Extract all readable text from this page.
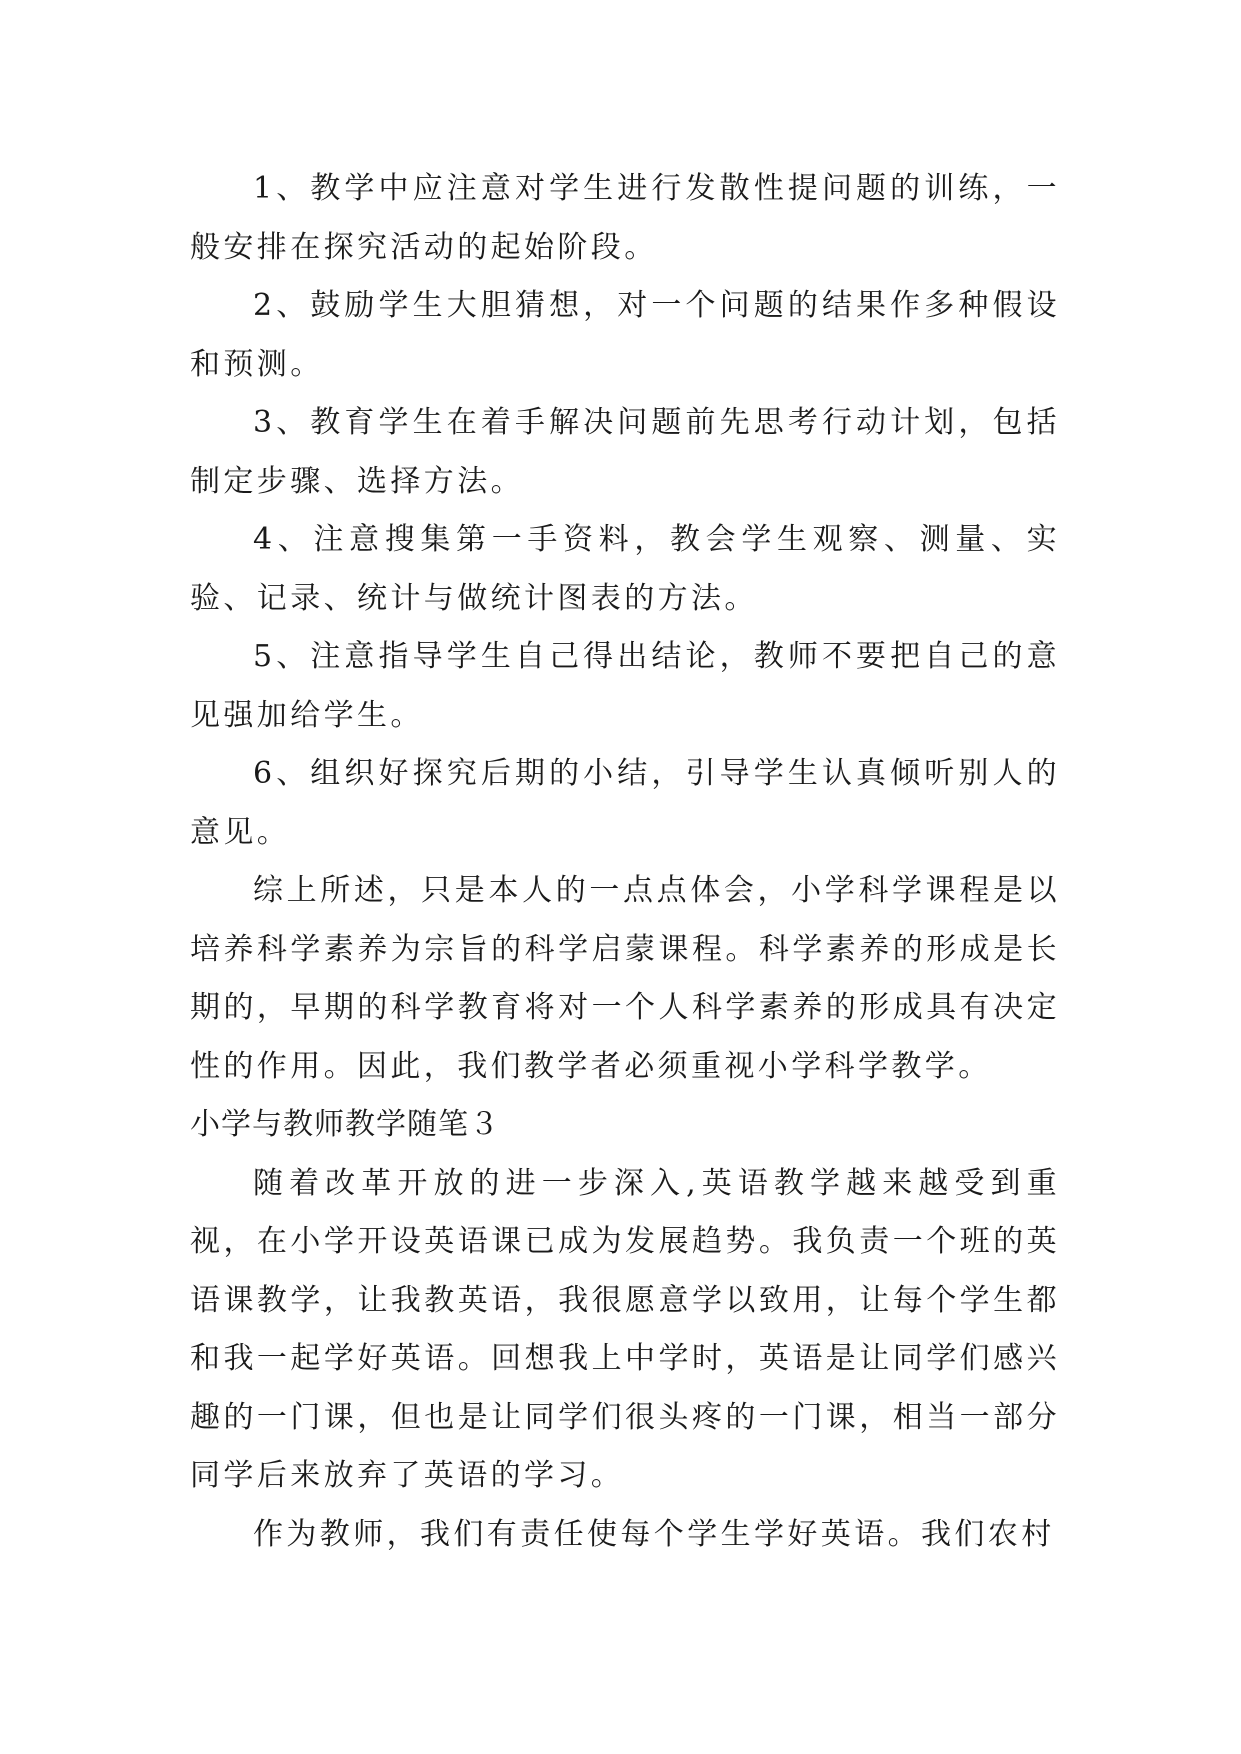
1、教学中应注意对学生进行发散性提问题的训练，一般安排在探究活动的起始阶段。

2、鼓励学生大胆猜想，对一个问题的结果作多种假设和预测。

3、教育学生在着手解决问题前先思考行动计划，包括制定步骤、选择方法。

4、注意搜集第一手资料，教会学生观察、测量、实验、记录、统计与做统计图表的方法。

5、注意指导学生自己得出结论，教师不要把自己的意见强加给学生。

6、组织好探究后期的小结，引导学生认真倾听别人的意见。

综上所述，只是本人的一点点体会，小学科学课程是以培养科学素养为宗旨的科学启蒙课程。科学素养的形成是长期的，早期的科学教育将对一个人科学素养的形成具有决定性的作用。因此，我们教学者必须重视小学科学教学。

小学与教师教学随笔３

随着改革开放的进一步深入,英语教学越来越受到重视，在小学开设英语课已成为发展趋势。我负责一个班的英语课教学，让我教英语，我很愿意学以致用，让每个学生都和我一起学好英语。回想我上中学时，英语是让同学们感兴趣的一门课，但也是让同学们很头疼的一门课，相当一部分同学后来放弃了英语的学习。

作为教师，我们有责任使每个学生学好英语。我们农村
